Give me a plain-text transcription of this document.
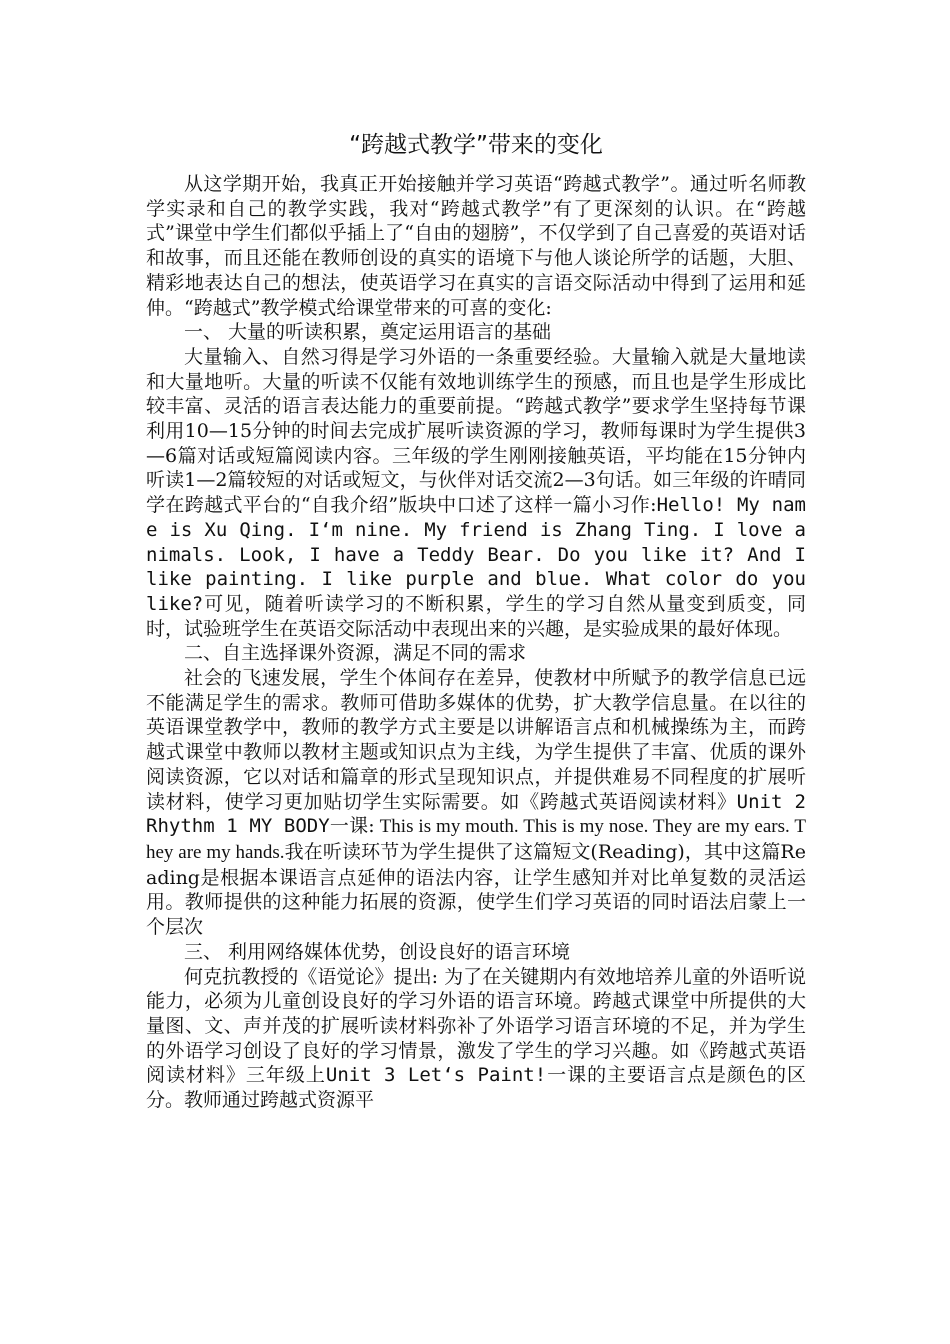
“跨越式教学”带来的变化

从这学期开始，我真正开始接触并学习英语“跨越式教学”。通过听名师教学实录和自己的教学实践，我对“跨越式教学”有了更深刻的认识。在“跨越式”课堂中学生们都似乎插上了“自由的翅膀”，不仅学到了自己喜爱的英语对话和故事，而且还能在教师创设的真实的语境下与他人谈论所学的话题，大胆、精彩地表达自己的想法，使英语学习在真实的言语交际活动中得到了运用和延伸。“跨越式”教学模式给课堂带来的可喜的变化:

一、 大量的听读积累，奠定运用语言的基础

大量输入、自然习得是学习外语的一条重要经验。大量输入就是大量地读和大量地听。大量的听读不仅能有效地训练学生的预感，而且也是学生形成比较丰富、灵活的语言表达能力的重要前提。“跨越式教学”要求学生坚持每节课利用10—15分钟的时间去完成扩展听读资源的学习，教师每课时为学生提供3—6篇对话或短篇阅读内容。三年级的学生刚刚接触英语，平均能在15分钟内听读1—2篇较短的对话或短文，与伙伴对话交流2—3句话。如三年级的许晴同学在跨越式平台的“自我介绍”版块中口述了这样一篇小习作:Hello! My name is Xu Qing. I‘m nine. My friend is Zhang Ting. I love animals. Look, I have a Teddy Bear. Do you like it? And I like painting. I like purple and blue. What color do you like?可见，随着听读学习的不断积累，学生的学习自然从量变到质变，同时，试验班学生在英语交际活动中表现出来的兴趣，是实验成果的最好体现。

二、自主选择课外资源，满足不同的需求

社会的飞速发展，学生个体间存在差异，使教材中所赋予的教学信息已远不能满足学生的需求。教师可借助多媒体的优势，扩大教学信息量。在以往的英语课堂教学中，教师的教学方式主要是以讲解语言点和机械操练为主，而跨越式课堂中教师以教材主题或知识点为主线，为学生提供了丰富、优质的课外阅读资源，它以对话和篇章的形式呈现知识点，并提供难易不同程度的扩展听读材料，使学习更加贴切学生实际需要。如《跨越式英语阅读材料》Unit 2 Rhythm 1 MY BODY一课: This is my mouth. This is my nose. They are my ears. They are my hands.我在听读环节为学生提供了这篇短文(Reading)，其中这篇Reading是根据本课语言点延伸的语法内容，让学生感知并对比单复数的灵活运用。教师提供的这种能力拓展的资源，使学生们学习英语的同时语法启蒙上一个层次

三、 利用网络媒体优势，创设良好的语言环境

何克抗教授的《语觉论》提出: 为了在关键期内有效地培养儿童的外语听说能力，必须为儿童创设良好的学习外语的语言环境。跨越式课堂中所提供的大量图、文、声并茂的扩展听读材料弥补了外语学习语言环境的不足，并为学生的外语学习创设了良好的学习情景，激发了学生的学习兴趣。如《跨越式英语阅读材料》三年级上Unit 3 Let‘s Paint!一课的主要语言点是颜色的区分。教师通过跨越式资源平
